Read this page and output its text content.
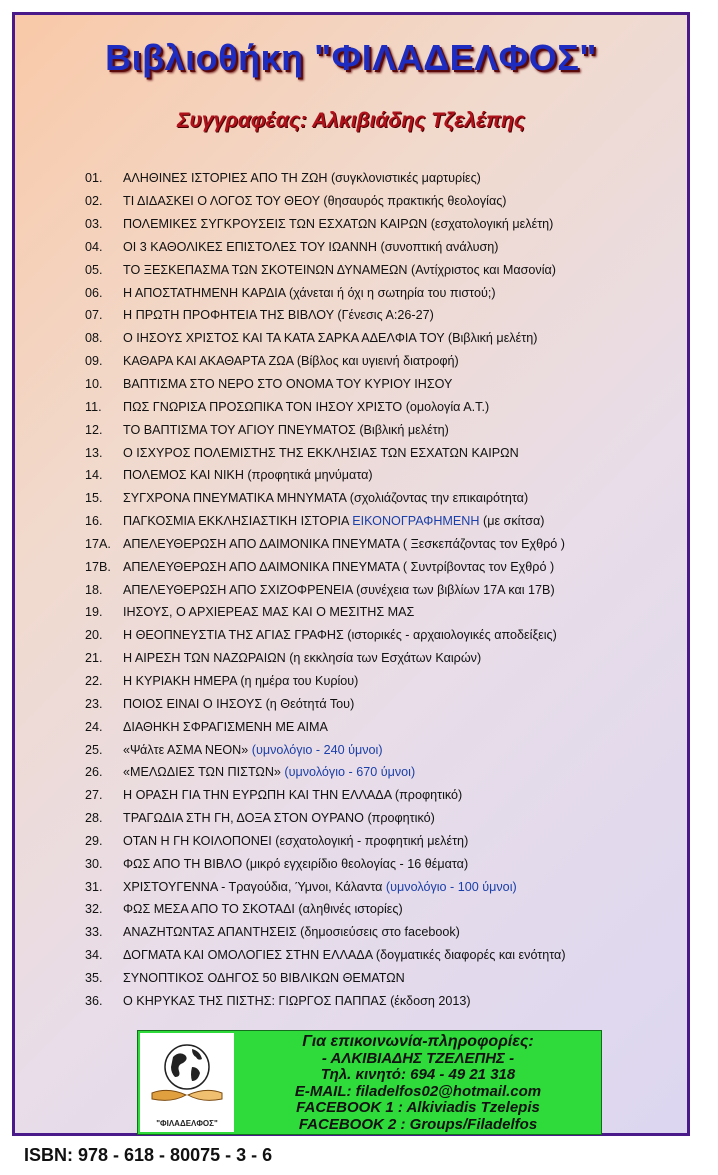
Βιβλιοθήκη "ΦΙΛΑΔΕΛΦΟΣ"
Συγγραφέας: Αλκιβιάδης Τζελέπης
01.	ΑΛΗΘΙΝΕΣ ΙΣΤΟΡΙΕΣ ΑΠΟ ΤΗ ΖΩΗ (συγκλονιστικές μαρτυρίες)
02.	ΤΙ ΔΙΔΑΣΚΕΙ Ο ΛΟΓΟΣ ΤΟΥ ΘΕΟΥ (θησαυρός πρακτικής θεολογίας)
03.	ΠΟΛΕΜΙΚΕΣ ΣΥΓΚΡΟΥΣΕΙΣ ΤΩΝ ΕΣΧΑΤΩΝ ΚΑΙΡΩΝ (εσχατολογική μελέτη)
04.	ΟΙ 3 ΚΑΘΟΛΙΚΕΣ ΕΠΙΣΤΟΛΕΣ ΤΟΥ ΙΩΑΝΝΗ (συνοπτική ανάλυση)
05.	ΤΟ ΞΕΣΚΕΠΑΣΜΑ ΤΩΝ ΣΚΟΤΕΙΝΩΝ ΔΥΝΑΜΕΩΝ (Αντίχριστος και Μασονία)
06.	Η ΑΠΟΣΤΑΤΗΜΕΝΗ ΚΑΡΔΙΑ (χάνεται ή όχι η σωτηρία του πιστού;)
07.	Η ΠΡΩΤΗ ΠΡΟΦΗΤΕΙΑ ΤΗΣ ΒΙΒΛΟΥ (Γένεσις Α:26-27)
08.	Ο ΙΗΣΟΥΣ ΧΡΙΣΤΟΣ ΚΑΙ ΤΑ ΚΑΤΑ ΣΑΡΚΑ ΑΔΕΛΦΙΑ ΤΟΥ (Βιβλική μελέτη)
09.	ΚΑΘΑΡΑ ΚΑΙ ΑΚΑΘΑΡΤΑ ΖΩΑ (Βίβλος και υγιεινή διατροφή)
10.	ΒΑΠΤΙΣΜΑ ΣΤΟ ΝΕΡΟ ΣΤΟ ΟΝΟΜΑ ΤΟΥ ΚΥΡΙΟΥ ΙΗΣΟΥ
11.	ΠΩΣ ΓΝΩΡΙΣΑ ΠΡΟΣΩΠΙΚΑ ΤΟΝ ΙΗΣΟΥ ΧΡΙΣΤΟ (ομολογία Α.Τ.)
12.	ΤΟ ΒΑΠΤΙΣΜΑ ΤΟΥ ΑΓΙΟΥ ΠΝΕΥΜΑΤΟΣ (Βιβλική μελέτη)
13.	Ο ΙΣΧΥΡΟΣ ΠΟΛΕΜΙΣΤΗΣ ΤΗΣ ΕΚΚΛΗΣΙΑΣ ΤΩΝ ΕΣΧΑΤΩΝ ΚΑΙΡΩΝ
14.	ΠΟΛΕΜΟΣ ΚΑΙ ΝΙΚΗ (προφητικά μηνύματα)
15.	ΣΥΓΧΡΟΝΑ ΠΝΕΥΜΑΤΙΚΑ ΜΗΝΥΜΑΤΑ (σχολιάζοντας την επικαιρότητα)
16.	ΠΑΓΚΟΣΜΙΑ ΕΚΚΛΗΣΙΑΣΤΙΚΗ ΙΣΤΟΡΙΑ ΕΙΚΟΝΟΓΡΑΦΗΜΕΝΗ (με σκίτσα)
17Α. ΑΠΕΛΕΥΘΕΡΩΣΗ ΑΠΟ ΔΑΙΜΟΝΙΚΑ ΠΝΕΥΜΑΤΑ ( Ξεσκεπάζοντας τον Εχθρό )
17Β. ΑΠΕΛΕΥΘΕΡΩΣΗ ΑΠΟ ΔΑΙΜΟΝΙΚΑ ΠΝΕΥΜΑΤΑ ( Συντρίβοντας τον Εχθρό )
18.	ΑΠΕΛΕΥΘΕΡΩΣΗ ΑΠΟ ΣΧΙΖΟΦΡΕΝΕΙΑ (συνέχεια των βιβλίων 17Α και 17Β)
19.	ΙΗΣΟΥΣ, Ο ΑΡΧΙΕΡΕΑΣ ΜΑΣ ΚΑΙ Ο ΜΕΣΙΤΗΣ ΜΑΣ
20.	Η ΘΕΟΠΝΕΥΣΤΙΑ ΤΗΣ ΑΓΙΑΣ ΓΡΑΦΗΣ (ιστορικές - αρχαιολογικές αποδείξεις)
21.	Η ΑΙΡΕΣΗ ΤΩΝ ΝΑΖΩΡΑΙΩΝ (η εκκλησία των Εσχάτων Καιρών)
22.	Η ΚΥΡΙΑΚΗ ΗΜΕΡΑ (η ημέρα του Κυρίου)
23.	ΠΟΙΟΣ ΕΙΝΑΙ Ο ΙΗΣΟΥΣ (η Θεότητά Του)
24.	ΔΙΑΘΗΚΗ ΣΦΡΑΓΙΣΜΕΝΗ ΜΕ ΑΙΜΑ
25.	«Ψάλτε ΑΣΜΑ ΝΕΟΝ» (υμνολόγιο - 240 ύμνοι)
26.	«ΜΕΛΩΔΙΕΣ ΤΩΝ ΠΙΣΤΩΝ» (υμνολόγιο - 670 ύμνοι)
27.	Η ΟΡΑΣΗ ΓΙΑ ΤΗΝ ΕΥΡΩΠΗ ΚΑΙ ΤΗΝ ΕΛΛΑΔΑ (προφητικό)
28.	ΤΡΑΓΩΔΙΑ ΣΤΗ ΓΗ, ΔΟΞΑ ΣΤΟΝ ΟΥΡΑΝΟ (προφητικό)
29.	ΟΤΑΝ Η ΓΗ ΚΟΙΛΟΠΟΝΕΙ (εσχατολογική - προφητική μελέτη)
30.	ΦΩΣ ΑΠΟ ΤΗ ΒΙΒΛΟ (μικρό εγχειρίδιο θεολογίας - 16 θέματα)
31.	ΧΡΙΣΤΟΥΓΕΝΝΑ - Τραγούδια, Ύμνοι, Κάλαντα (υμνολόγιο - 100 ύμνοι)
32.	ΦΩΣ ΜΕΣΑ ΑΠΟ ΤΟ ΣΚΟΤΑΔΙ (αληθινές ιστορίες)
33.	ΑΝΑΖΗΤΩΝΤΑΣ ΑΠΑΝΤΗΣΕΙΣ (δημοσιεύσεις στο facebook)
34.	ΔΟΓΜΑΤΑ ΚΑΙ ΟΜΟΛΟΓΙΕΣ ΣΤΗΝ ΕΛΛΑΔΑ (δογματικές διαφορές και ενότητα)
35.	ΣΥΝΟΠΤΙΚΟΣ ΟΔΗΓΟΣ 50 ΒΙΒΛΙΚΩΝ ΘΕΜΑΤΩΝ
36.	Ο ΚΗΡΥΚΑΣ ΤΗΣ ΠΙΣΤΗΣ: ΓΙΩΡΓΟΣ ΠΑΠΠΑΣ (έκδοση 2013)
"ΦΙΛΑΔΕΛΦΟΣ"
Για επικοινωνία-πληροφορίες:
- ΑΛΚΙΒΙΑΔΗΣ ΤΖΕΛΕΠΗΣ -
Τηλ. κινητό: 694 - 49 21 318
E-MAIL: filadelfos02@hotmail.com
FACEBOOK 1 : Alkiviadis Tzelepis
FACEBOOK 2 : Groups/Filadelfos
ISBN: 978 - 618 - 80075 - 3 - 6
